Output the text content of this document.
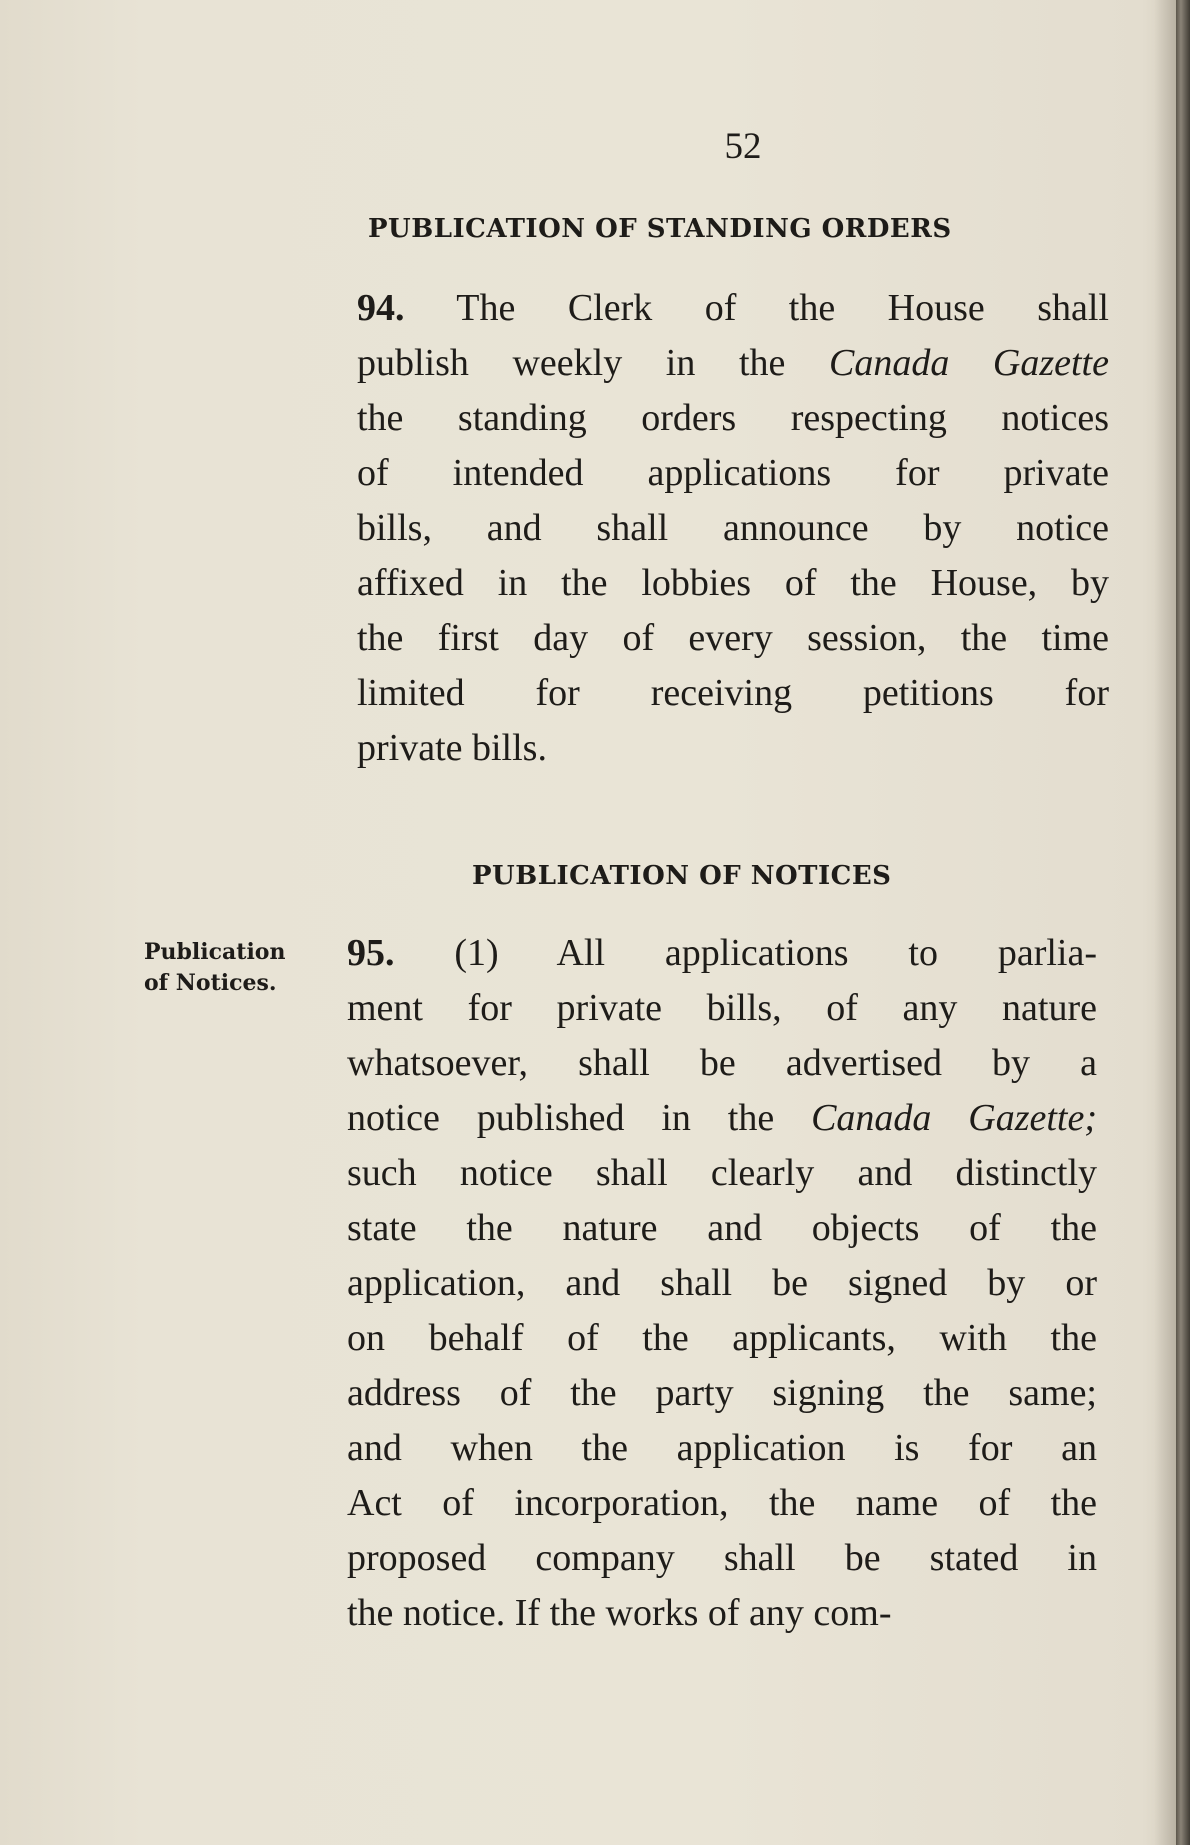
52
PUBLICATION OF STANDING ORDERS
94. The Clerk of the House shall
publish weekly in the Canada Gazette
the standing orders respecting notices
of intended applications for private
bills, and shall announce by notice
affixed in the lobbies of the House, by
the first day of every session, the time
limited for receiving petitions for
private bills.
PUBLICATION OF NOTICES
Publication
of Notices.
95. (1) All applications to parlia-
ment for private bills, of any nature
whatsoever, shall be advertised by a
notice published in the Canada Gazette;
such notice shall clearly and distinctly
state the nature and objects of the
application, and shall be signed by or
on behalf of the applicants, with the
address of the party signing the same;
and when the application is for an
Act of incorporation, the name of the
proposed company shall be stated in
the notice. If the works of any com-
